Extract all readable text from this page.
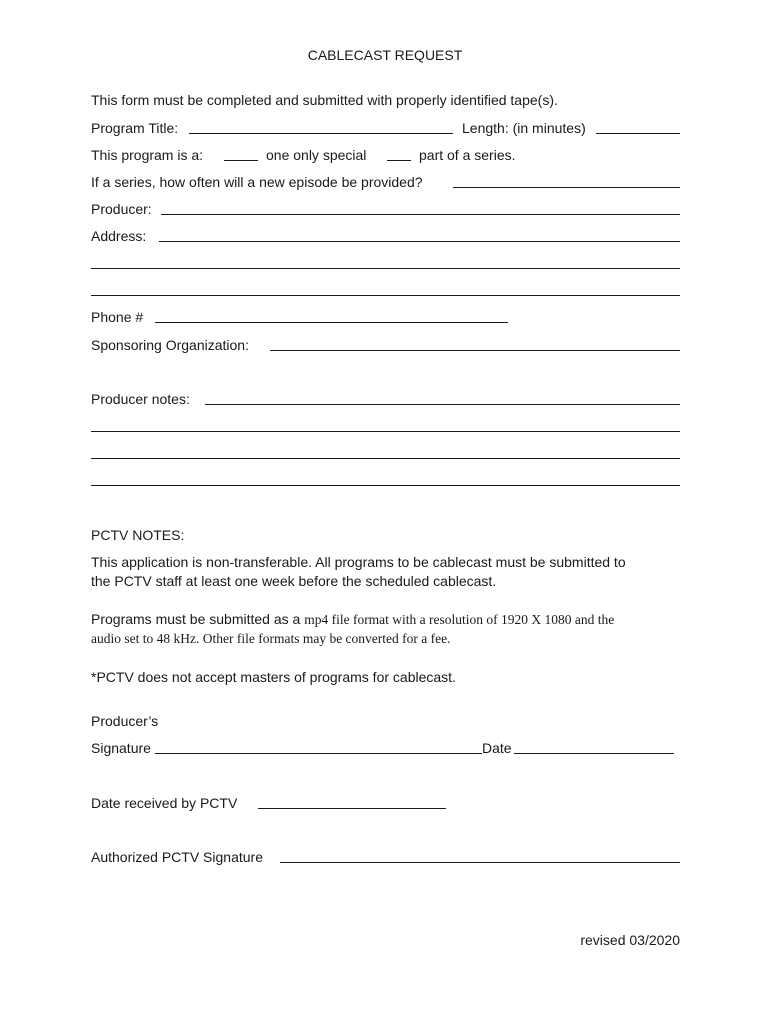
CABLECAST REQUEST
This form must be completed and submitted with properly identified tape(s).
Program Title:	Length: (in minutes)
This program is a:	one only special	part of a series.
If a series, how often will a new episode be provided?
Producer:
Address:
Phone #
Sponsoring Organization:
Producer notes:
PCTV NOTES:
This application is non-transferable. All programs to be cablecast must be submitted to
the PCTV staff at least one week before the scheduled cablecast.
Programs must be submitted as a mp4 file format with a resolution of 1920 X 1080 and the
audio set to 48 kHz. Other file formats may be converted for a fee.
*PCTV does not accept masters of programs for cablecast.
Producer’s
Signature	Date
Date received by PCTV
Authorized PCTV Signature
revised 03/2020
